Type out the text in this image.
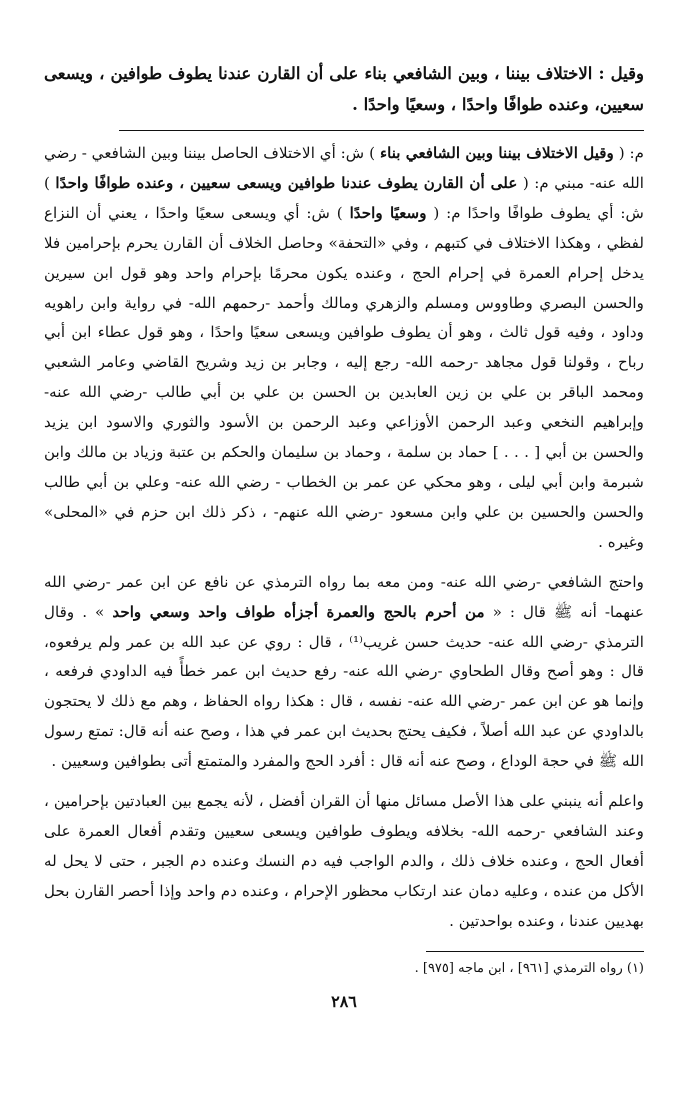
وقيل : الاختلاف بيننا ، وبين الشافعي بناء على أن القارن عندنا يطوف طوافين ، ويسعى سعيين، وعنده طوافًا واحدًا ، وسعيًا واحدًا .

م: ( وقيل الاختلاف بيننا وبين الشافعي بناء ) ش: أي الاختلاف الحاصل بيننا وبين الشافعي - رضي الله عنه- مبني م: ( على أن القارن يطوف عندنا طوافين ويسعى سعيين ، وعنده طوافًا واحدًا ) ش: أي يطوف طوافًا واحدًا م: ( وسعيًا واحدًا ) ش: أي ويسعى سعيًا واحدًا ، يعني أن النزاع لفظي ، وهكذا الاختلاف في كتبهم ، وفي «التحفة» وحاصل الخلاف أن القارن يحرم بإحرامين فلا يدخل إحرام العمرة في إحرام الحج ، وعنده يكون محرمًا بإحرام واحد وهو قول ابن سيرين والحسن البصري وطاووس ومسلم والزهري ومالك وأحمد -رحمهم الله- في رواية وابن راهويه وداود ، وفيه قول ثالث ، وهو أن يطوف طوافين ويسعى سعيًا واحدًا ، وهو قول عطاء ابن أبي رباح ، وقولنا قول مجاهد -رحمه الله- رجع إليه ، وجابر بن زيد وشريح القاضي وعامر الشعبي ومحمد الباقر بن علي بن زين العابدين بن الحسن بن علي بن أبي طالب -رضي الله عنه- وإبراهيم النخعي وعبد الرحمن الأوزاعي وعبد الرحمن بن الأسود والثوري والاسود ابن يزيد والحسن بن أبي [ . . . ] حماد بن سلمة ، وحماد بن سليمان والحكم بن عتبة وزياد بن مالك وابن شبرمة وابن أبي ليلى ، وهو محكي عن عمر بن الخطاب - رضي الله عنه- وعلي بن أبي طالب والحسن والحسين بن علي وابن مسعود -رضي الله عنهم- ، ذكر ذلك ابن حزم في «المحلى» وغيره .

واحتج الشافعي -رضي الله عنه- ومن معه بما رواه الترمذي عن نافع عن ابن عمر -رضي الله عنهما- أنه ﷺ قال : « من أحرم بالحج والعمرة أجزأه طواف واحد وسعي واحد » . وقال الترمذي -رضي الله عنه- حديث حسن غريب⁽¹⁾ ، قال : روي عن عبد الله بن عمر ولم يرفعوه، قال : وهو أصح وقال الطحاوي -رضي الله عنه- رفع حديث ابن عمر خطأً فيه الداودي فرفعه ، وإنما هو عن ابن عمر -رضي الله عنه- نفسه ، قال : هكذا رواه الحفاظ ، وهم مع ذلك لا يحتجون بالداودي عن عبد الله أصلاً ، فكيف يحتج بحديث ابن عمر في هذا ، وصح عنه أنه قال: تمتع رسول الله ﷺ في حجة الوداع ، وصح عنه أنه قال : أفرد الحج والمفرد والمتمتع أتى بطوافين وسعيين .

واعلم أنه ينبني على هذا الأصل مسائل منها أن القران أفضل ، لأنه يجمع بين العبادتين بإحرامين ، وعند الشافعي -رحمه الله- بخلافه ويطوف طوافين ويسعى سعيين وتقدم أفعال العمرة على أفعال الحج ، وعنده خلاف ذلك ، والدم الواجب فيه دم النسك وعنده دم الجبر ، حتى لا يحل له الأكل من عنده ، وعليه دمان عند ارتكاب محظور الإحرام ، وعنده دم واحد وإذا أحصر القارن بحل بهديين عندنا ، وعنده بواحدتين .

(١) رواه الترمذي [٩٦١] ، ابن ماجه [٩٧٥] .

٢٨٦
